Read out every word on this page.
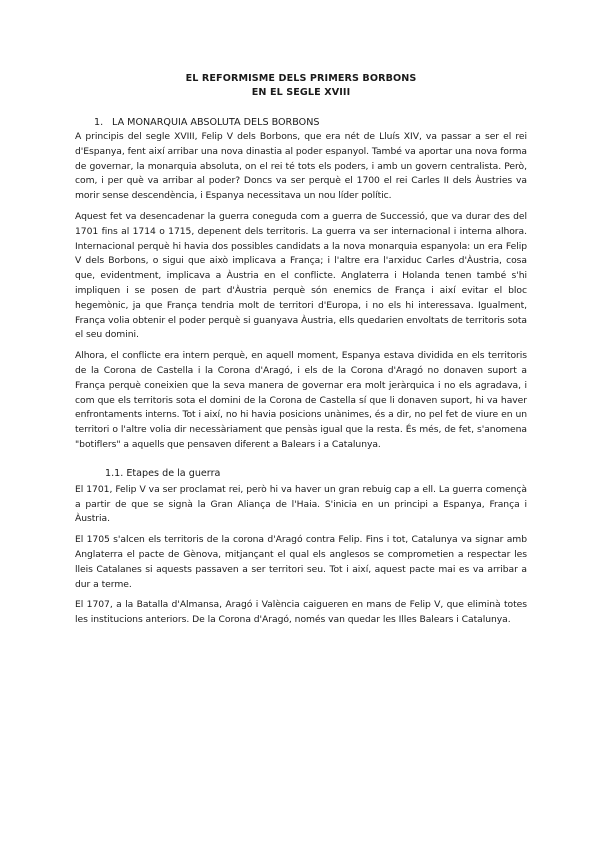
EL REFORMISME DELS PRIMERS BORBONS
EN EL SEGLE XVIII
1. LA MONARQUIA ABSOLUTA DELS BORBONS

A principis del segle XVIII, Felip V dels Borbons, que era nét de Lluís XIV, va passar a ser el rei d'Espanya, fent així arribar una nova dinastia al poder espanyol. També va aportar una nova forma de governar, la monarquia absoluta, on el rei té tots els poders, i amb un govern centralista. Però, com, i per què va arribar al poder? Doncs va ser perquè el 1700 el rei Carles II dels Àustries va morir sense descendència, i Espanya necessitava un nou líder polític.

Aquest fet va desencadenar la guerra coneguda com a guerra de Successió, que va durar des del 1701 fins al 1714 o 1715, depenent dels territoris. La guerra va ser internacional i interna alhora. Internacional perquè hi havia dos possibles candidats a la nova monarquia espanyola: un era Felip V dels Borbons, o sigui que això implicava a França; i l'altre era l'arxiduc Carles d'Àustria, cosa que, evidentment, implicava a Àustria en el conflicte. Anglaterra i Holanda tenen també s'hi impliquen i se posen de part d'Àustria perquè són enemics de França i així evitar el bloc hegemònic, ja que França tendria molt de territori d'Europa, i no els hi interessava. Igualment, França volia obtenir el poder perquè si guanyava Àustria, ells quedarien envoltats de territoris sota el seu domini.

Alhora, el conflicte era intern perquè, en aquell moment, Espanya estava dividida en els territoris de la Corona de Castella i la Corona d'Aragó, i els de la Corona d'Aragó no donaven suport a França perquè coneixien que la seva manera de governar era molt jeràrquica i no els agradava, i com que els territoris sota el domini de la Corona de Castella sí que li donaven suport, hi va haver enfrontaments interns. Tot i així, no hi havia posicions unànimes, és a dir, no pel fet de viure en un territori o l'altre volia dir necessàriament que pensàs igual que la resta. És més, de fet, s'anomena "botiflers" a aquells que pensaven diferent a Balears i a Catalunya.

1.1. Etapes de la guerra

El 1701, Felip V va ser proclamat rei, però hi va haver un gran rebuig cap a ell. La guerra començà a partir de que se signà la Gran Aliança de l'Haia. S'inicia en un principi a Espanya, França i Àustria.

El 1705 s'alcen els territoris de la corona d'Aragó contra Felip. Fins i tot, Catalunya va signar amb Anglaterra el pacte de Gènova, mitjançant el qual els anglesos se comprometien a respectar les lleis Catalanes si aquests passaven a ser territori seu. Tot i així, aquest pacte mai es va arribar a dur a terme.

El 1707, a la Batalla d'Almansa, Aragó i València caigueren en mans de Felip V, que eliminà totes les institucions anteriors. De la Corona d'Aragó, només van quedar les Illes Balears i Catalunya.
